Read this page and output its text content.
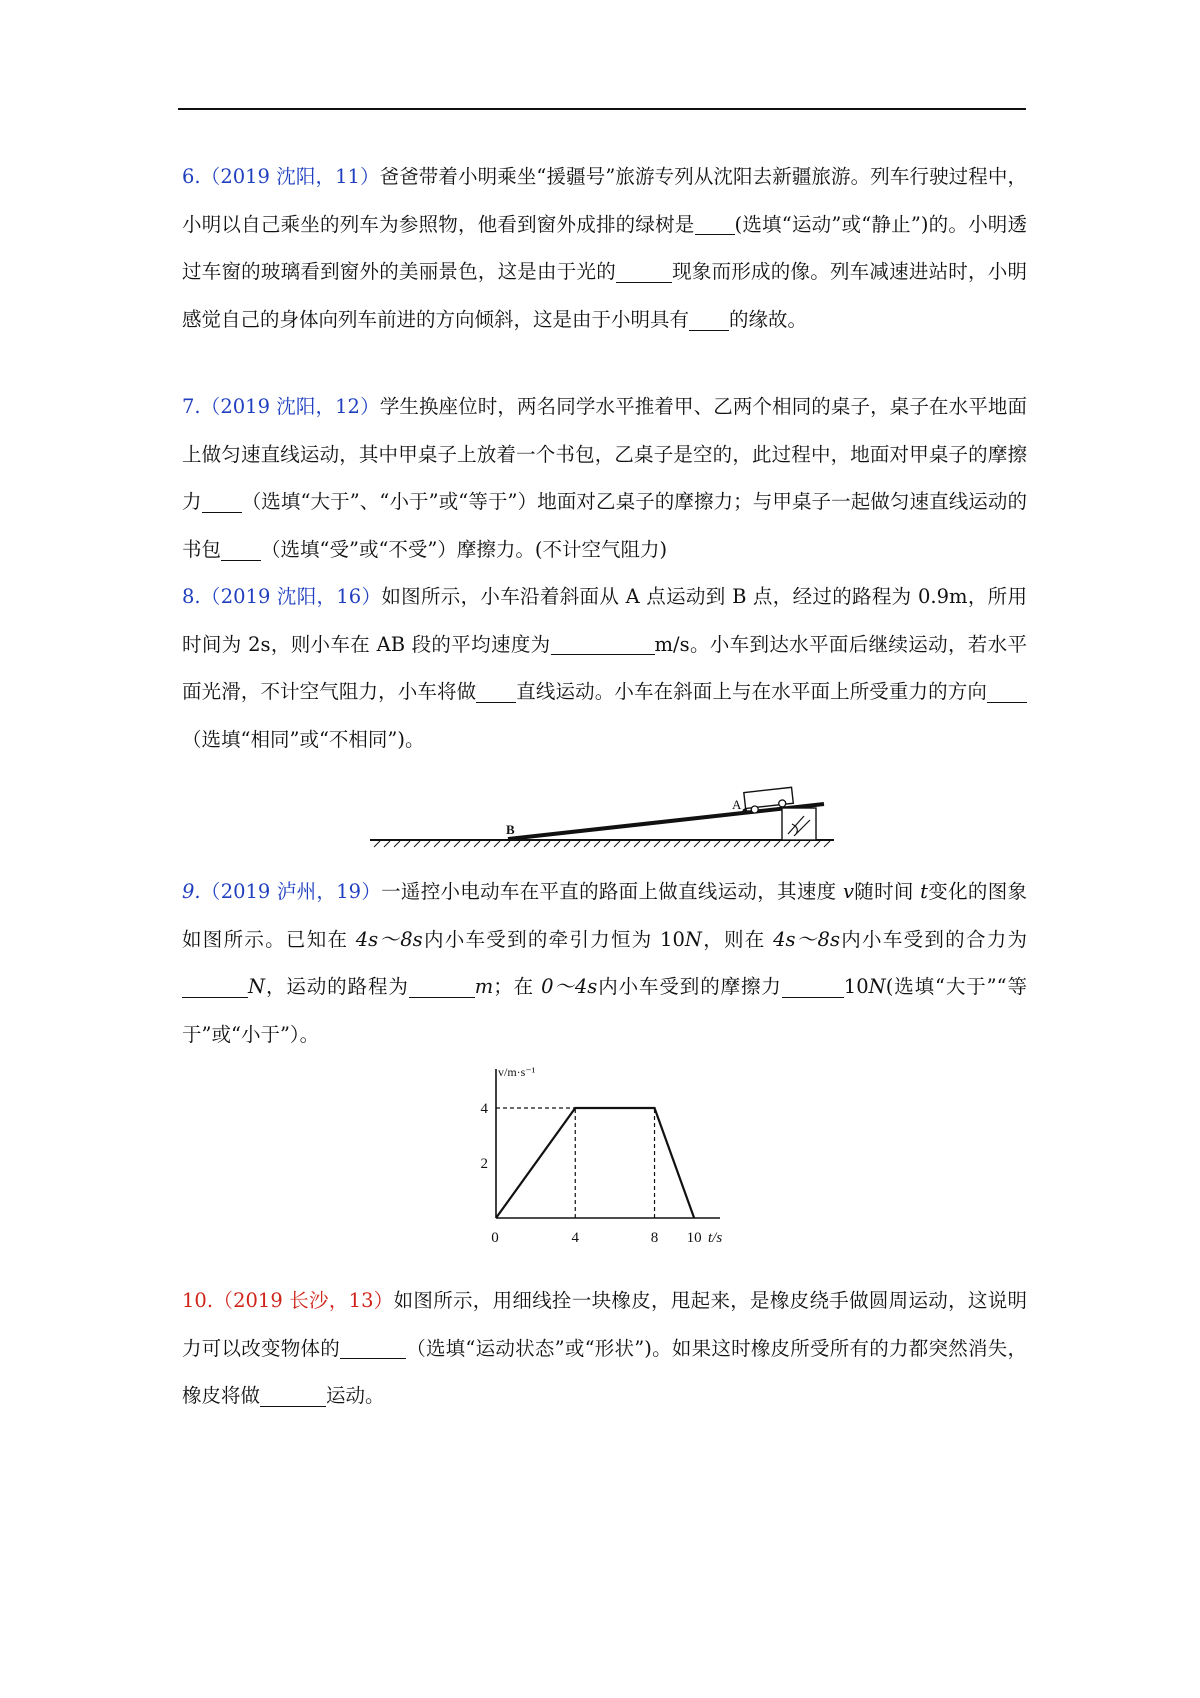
6.（2019 沈阳，11）爸爸带着小明乘坐“援疆号”旅游专列从沈阳去新疆旅游。列车行驶过程中，小明以自己乘坐的列车为参照物，他看到窗外成排的绿树是 (选填“运动”或“静止”)的。小明透过车窗的玻璃看到窗外的美丽景色，这是由于光的	现象而形成的像。列车减速进站时，小明感觉自己的身体向列车前进的方向倾斜，这是由于小明具有 的缘故。
7.（2019 沈阳，12）学生换座位时，两名同学水平推着甲、乙两个相同的桌子，桌子在水平地面上做匀速直线运动，其中甲桌子上放着一个书包，乙桌子是空的，此过程中，地面对甲桌子的摩擦力 （选填“大于”、“小于”或“等于”）地面对乙桌子的摩擦力；与甲桌子一起做匀速直线运动的书包 （选填“受”或“不受”）摩擦力。(不计空气阻力)
8.（2019 沈阳，16）如图所示，小车沿着斜面从 A 点运动到 B 点，经过的路程为 0.9m，所用时间为 2s，则小车在 AB 段的平均速度为	m/s。小车到达水平面后继续运动，若水平面光滑，不计空气阻力，小车将做 直线运动。小车在斜面上与在水平面上所受重力的方向（选填“相同”或“不相同”)。
A
B
9.（2019 泸州，19）一遥控小电动车在平直的路面上做直线运动，其速度 v随时间 t变化的图象如图所示。已知在 4s～8s内小车受到的牵引力恒为 10N，则在 4s～8s内小车受到的合力为N，运动的路程为	m；在 0～4s内小车受到的摩擦力	10N(选填“大于”“等于”或“小于”）。
0	4	8 10
2
4
v/m·s⁻¹
t/s
10.（2019 长沙，13）如图所示，用细线拴一块橡皮，甩起来，是橡皮绕手做圆周运动，这说明力可以改变物体的	（选填“运动状态”或“形状”)。如果这时橡皮所受所有的力都突然消失，橡皮将做	运动。
